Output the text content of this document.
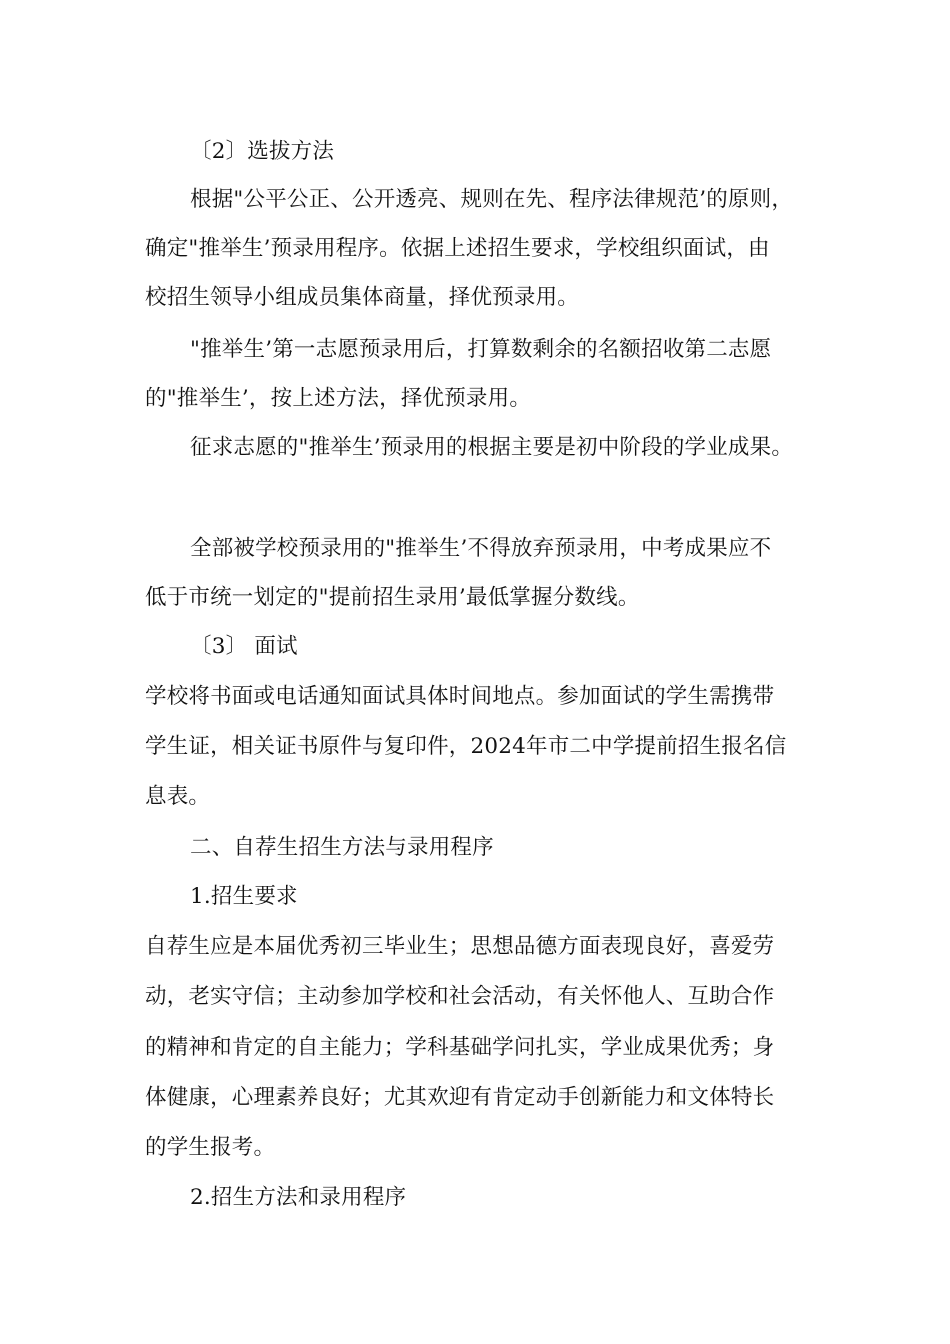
〔2〕选拔方法
根据"公平公正、公开透亮、规则在先、程序法律规范’的原则，
确定"推举生’预录用程序。依据上述招生要求，学校组织面试，由
校招生领导小组成员集体商量，择优预录用。
"推举生’第一志愿预录用后，打算数剩余的名额招收第二志愿
的"推举生’，按上述方法，择优预录用。
征求志愿的"推举生’预录用的根据主要是初中阶段的学业成果。
全部被学校预录用的"推举生’不得放弃预录用，中考成果应不
低于市统一划定的"提前招生录用’最低掌握分数线。
〔3〕 面试
学校将书面或电话通知面试具体时间地点。参加面试的学生需携带
学生证，相关证书原件与复印件，2024年市二中学提前招生报名信
息表。
二、自荐生招生方法与录用程序
1.招生要求
自荐生应是本届优秀初三毕业生；思想品德方面表现良好，喜爱劳
动，老实守信；主动参加学校和社会活动，有关怀他人、互助合作
的精神和肯定的自主能力；学科基础学问扎实，学业成果优秀；身
体健康，心理素养良好；尤其欢迎有肯定动手创新能力和文体特长
的学生报考。
2.招生方法和录用程序
